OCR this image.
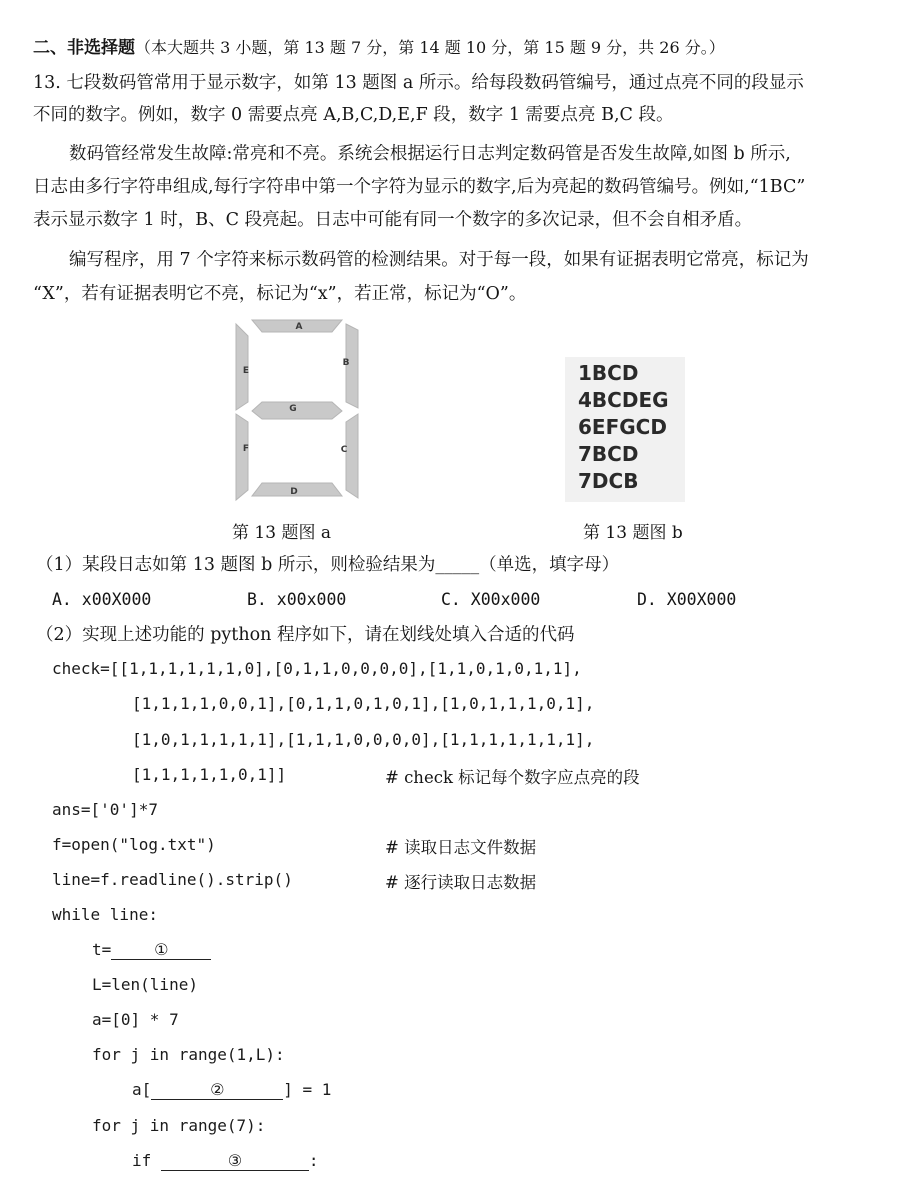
二、非选择题（本大题共 3 小题，第 13 题 7 分，第 14 题 10 分，第 15 题 9 分，共 26 分。）
13. 七段数码管常用于显示数字，如第 13 题图 a 所示。给每段数码管编号，通过点亮不同的段显示
不同的数字。例如，数字 0 需要点亮 A,B,C,D,E,F 段，数字 1 需要点亮 B,C 段。
数码管经常发生故障:常亮和不亮。系统会根据运行日志判定数码管是否发生故障,如图 b 所示,
日志由多行字符串组成,每行字符串中第一个字符为显示的数字,后为亮起的数码管编号。例如,“1BC”
表示显示数字 1 时，B、C 段亮起。日志中可能有同一个数字的多次记录，但不会自相矛盾。
编写程序，用 7 个字符来标示数码管的检测结果。对于每一段，如果有证据表明它常亮，标记为
“X”，若有证据表明它不亮，标记为“x”，若正常，标记为“O”。
A
B
E
G
F	C
D
1BCD
4BCDEG
6EFGCD
7BCD
7DCB
第 13 题图 a	第 13 题图 b
（1）某段日志如第 13 题图 b 所示，则检验结果为_____（单选，填字母）
A. x00X000	B. x00x000	C. X00x000	D. X00X000
（2）实现上述功能的 python 程序如下，请在划线处填入合适的代码
check=[[1,1,1,1,1,1,0],[0,1,1,0,0,0,0],[1,1,0,1,0,1,1],
[1,1,1,1,0,0,1],[0,1,1,0,1,0,1],[1,0,1,1,1,0,1],
[1,0,1,1,1,1,1],[1,1,1,0,0,0,0],[1,1,1,1,1,1,1],
[1,1,1,1,1,0,1]]	# check 标记每个数字应点亮的段
ans=['0']*7
f=open("log.txt")	# 读取日志文件数据
line=f.readline().strip()	# 逐行读取日志数据
while line:
t=	①
L=len(line)
a=[0] * 7
for j in range(1,L):
a[	②	] = 1
for j in range(7):
if	③	:
